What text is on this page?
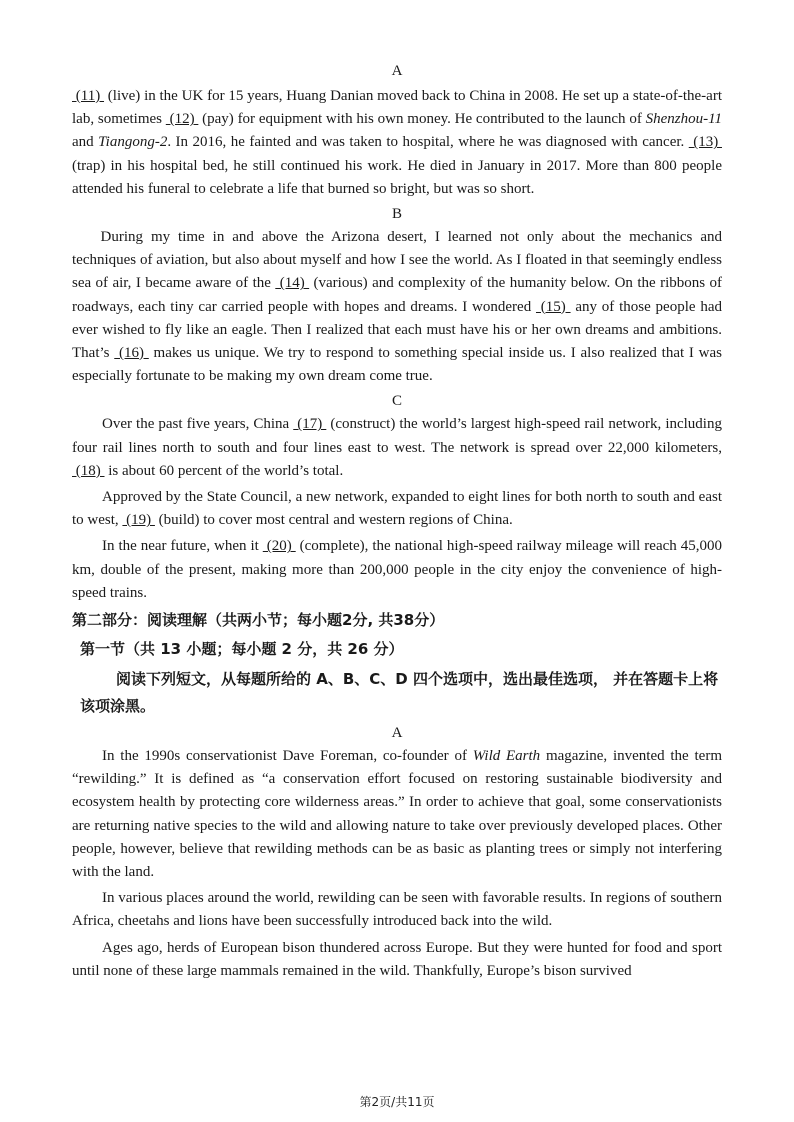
A

(11)  (live) in the UK for 15 years, Huang Danian moved back to China in 2008. He set up a state-of-the-art lab, sometimes  (12)  (pay) for equipment with his own money. He contributed to the launch of Shenzhou-11 and Tiangong-2. In 2016, he fainted and was taken to hospital, where he was diagnosed with cancer.  (13)  (trap) in his hospital bed, he still continued his work. He died in January in 2017. More than 800 people attended his funeral to celebrate a life that burned so bright, but was so short.

B

During my time in and above the Arizona desert, I learned not only about the mechanics and techniques of aviation, but also about myself and how I see the world. As I floated in that seemingly endless sea of air, I became aware of the  (14)  (various) and complexity of the humanity below. On the ribbons of roadways, each tiny car carried people with hopes and dreams. I wondered  (15)  any of those people had ever wished to fly like an eagle. Then I realized that each must have his or her own dreams and ambitions. That’s  (16)  makes us unique. We try to respond to something special inside us. I also realized that I was especially fortunate to be making my own dream come true.

C

Over the past five years, China  (17)  (construct) the world’s largest high-speed rail network, including four rail lines north to south and four lines east to west. The network is spread over 22,000 kilometers,  (18)  is about 60 percent of the world’s total.

Approved by the State Council, a new network, expanded to eight lines for both north to south and east to west,  (19)  (build) to cover most central and western regions of China.

In the near future, when it  (20)  (complete), the national high-speed railway mileage will reach 45,000 km, double of the present, making more than 200,000 people in the city enjoy the convenience of high-speed trains.

第二部分：阅读理解（共两小节；每小题2分, 共38分）
第一节（共 13 小题；每小题 2 分，共 26 分）
阅读下列短文，从每题所给的 A、B、C、D 四个选项中，选出最佳选项， 并在答题卡上将该项涂黑。
A

In the 1990s conservationist Dave Foreman, co-founder of Wild Earth magazine, invented the term “rewilding.” It is defined as “a conservation effort focused on restoring sustainable biodiversity and ecosystem health by protecting core wilderness areas.” In order to achieve that goal, some conservationists are returning native species to the wild and allowing nature to take over previously developed places. Other people, however, believe that rewilding methods can be as basic as planting trees or simply not interfering with the land.

In various places around the world, rewilding can be seen with favorable results. In regions of southern Africa, cheetahs and lions have been successfully introduced back into the wild.

Ages ago, herds of European bison thundered across Europe. But they were hunted for food and sport until none of these large mammals remained in the wild. Thankfully, Europe’s bison survived

第2页/共11页
